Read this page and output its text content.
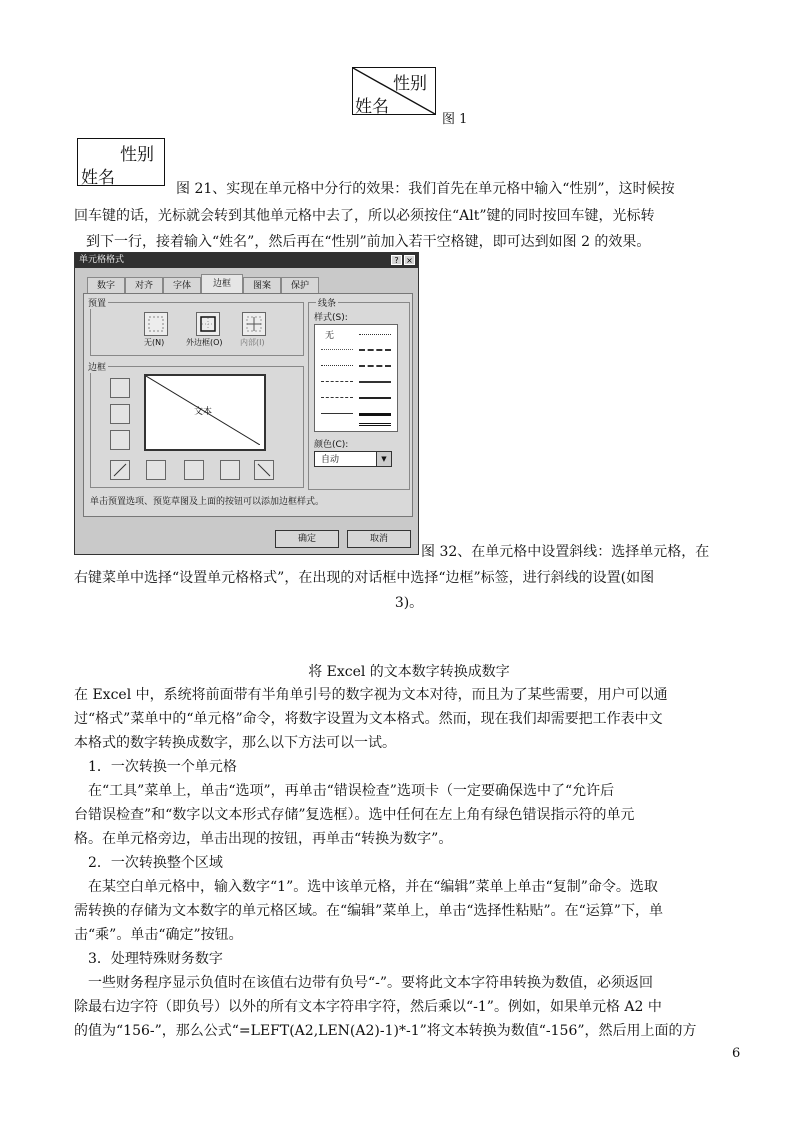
性别
姓名
图 1
性别
姓名
图 21、实现在单元格中分行的效果：我们首先在单元格中输入“性别”，这时候按
回车键的话，光标就会转到其他单元格中去了，所以必须按住“Alt”键的同时按回车键，光标转
到下一行，接着输入“姓名”，然后再在“性别”前加入若干空格键，即可达到如图 2 的效果。
单元格格式	? ×
数字	对齐	字体	边框	图案	保护
预置
无(N)	外边框(O) 内部(I)
边框
文本
线条
样式(S):
无
颜色(C):
自动	▼
单击预置选项、预览草图及上面的按钮可以添加边框样式。
确定	取消
图 32、在单元格中设置斜线：选择单元格，在
右键菜单中选择“设置单元格格式”，在出现的对话框中选择“边框”标签，进行斜线的设置(如图
3)。
将 Excel 的文本数字转换成数字
在 Excel 中，系统将前面带有半角单引号的数字视为文本对待，而且为了某些需要，用户可以通
过“格式”菜单中的“单元格”命令，将数字设置为文本格式。然而，现在我们却需要把工作表中文
本格式的数字转换成数字，那么以下方法可以一试。
1．一次转换一个单元格
在“工具”菜单上，单击“选项”，再单击“错误检查”选项卡（一定要确保选中了“允许后
台错误检查”和“数字以文本形式存储”复选框）。选中任何在左上角有绿色错误指示符的单元
格。在单元格旁边，单击出现的按钮，再单击“转换为数字”。
2．一次转换整个区域
在某空白单元格中，输入数字“1”。选中该单元格，并在“编辑”菜单上单击“复制”命令。选取
需转换的存储为文本数字的单元格区域。在“编辑”菜单上，单击“选择性粘贴”。在“运算”下，单
击“乘”。单击“确定”按钮。
3．处理特殊财务数字
一些财务程序显示负值时在该值右边带有负号“-”。要将此文本字符串转换为数值，必须返回
除最右边字符（即负号）以外的所有文本字符串字符，然后乘以“-1”。例如，如果单元格 A2 中
的值为“156-”，那么公式“=LEFT(A2,LEN(A2)-1)*-1”将文本转换为数值“-156”，然后用上面的方
6
